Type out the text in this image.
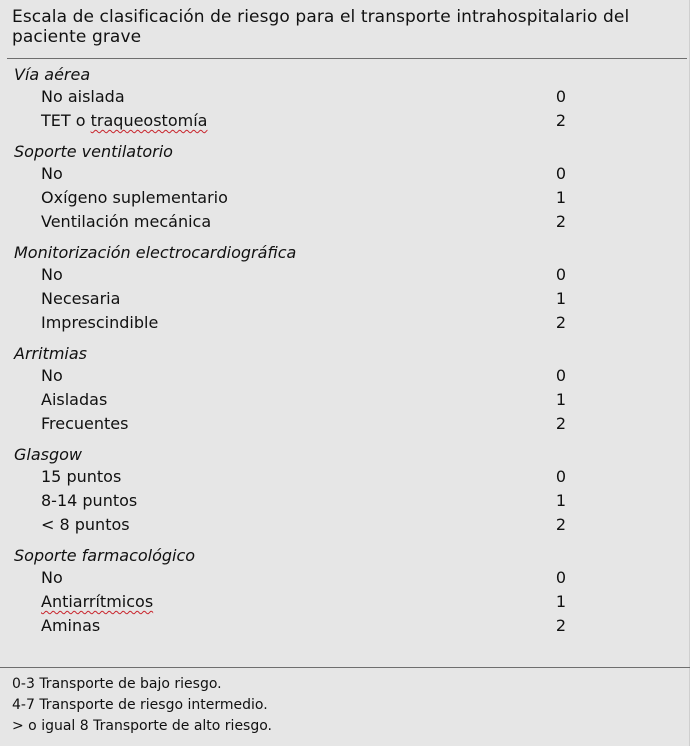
Escala de clasificación de riesgo para el transporte intrahospitalario del paciente grave
Vía aérea
No aislada	0
TET o traqueostomía	2
Soporte ventilatorio
No	0
Oxígeno suplementario	1
Ventilación mecánica	2
Monitorización electrocardiográfica
No	0
Necesaria	1
Imprescindible	2
Arritmias
No	0
Aisladas	1
Frecuentes	2
Glasgow
15 puntos	0
8-14 puntos	1
< 8 puntos	2
Soporte farmacológico
No	0
Antiarrítmicos	1
Aminas	2
0-3 Transporte de bajo riesgo.
4-7 Transporte de riesgo intermedio.
> o igual 8 Transporte de alto riesgo.
